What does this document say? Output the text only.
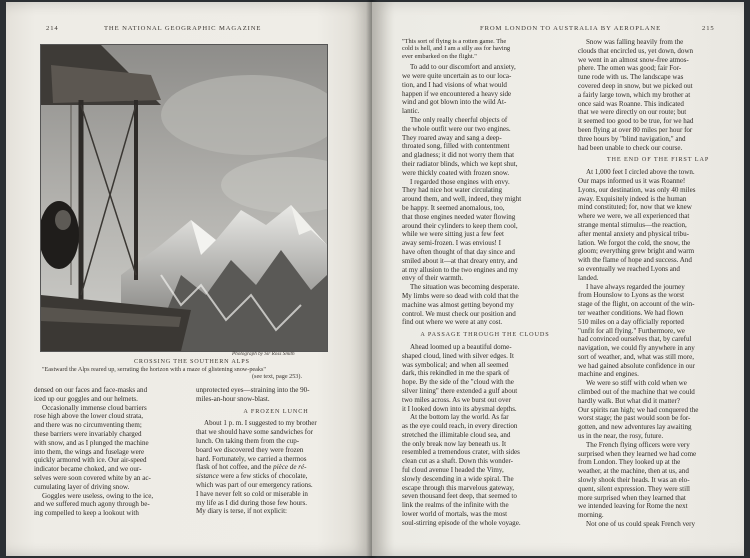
214	THE NATIONAL GEOGRAPHIC MAGAZINE
Photograph by Sir Ross Smith
CROSSING THE SOUTHERN ALPS
"Eastward the Alps reared up, serrating the horizon with a maze of glistening snow-peaks"
(see text, page 253).
densed on our faces and face-masks and
iced up our goggles and our helmets.
Occasionally immense cloud barriers
rose high above the lower cloud strata,
and there was no circumventing them;
these barriers were invariably charged
with snow, and as I plunged the machine
into them, the wings and fuselage were
quickly armored with ice. Our air-speed
indicator became choked, and we our-
selves were soon covered white by an ac-
cumulating layer of driving snow.
Goggles were useless, owing to the ice,
and we suffered much agony through be-
ing compelled to keep a lookout with
unprotected eyes—straining into the 90-
miles-an-hour snow-blast.
A FROZEN LUNCH
About 1 p. m. I suggested to my brother
that we should have some sandwiches for
lunch. On taking them from the cup-
board we discovered they were frozen
hard. Fortunately, we carried a thermos
flask of hot coffee, and the pièce de ré-
sistance were a few sticks of chocolate,
which was part of our emergency rations.
I have never felt so cold or miserable in
my life as I did during those few hours.
My diary is terse, if not explicit:
FROM LONDON TO AUSTRALIA BY AEROPLANE	215
"This sort of flying is a rotten game. The
cold is hell, and I am a silly ass for having
ever embarked on the flight."
To add to our discomfort and anxiety,
we were quite uncertain as to our loca-
tion, and I had visions of what would
happen if we encountered a heavy side
wind and got blown into the wild At-
lantic.
The only really cheerful objects of
the whole outfit were our two engines.
They roared away and sang a deep-
throated song, filled with contentment
and gladness; it did not worry them that
their radiator blinds, which we kept shut,
were thickly coated with frozen snow.
I regarded those engines with envy.
They had nice hot water circulating
around them, and well, indeed, they might
be happy. It seemed anomalous, too,
that those engines needed water flowing
around their cylinders to keep them cool,
while we were sitting just a few feet
away semi-frozen. I was envious! I
have often thought of that day since and
smiled about it—at that dreary entry, and
at my allusion to the two engines and my
envy of their warmth.
The situation was becoming desperate.
My limbs were so dead with cold that the
machine was almost getting beyond my
control. We must check our position and
find out where we were at any cost.
A PASSAGE THROUGH THE CLOUDS
Ahead loomed up a beautiful dome-
shaped cloud, lined with silver edges. It
was symbolical; and when all seemed
dark, this rekindled in me the spark of
hope. By the side of the "cloud with the
silver lining" there extended a gulf about
two miles across. As we burst out over
it I looked down into its abysmal depths.
At the bottom lay the world. As far
as the eye could reach, in every direction
stretched the illimitable cloud sea, and
the only break now lay beneath us. It
resembled a tremendous crater, with sides
clean cut as a shaft. Down this wonder-
ful cloud avenue I headed the Vimy,
slowly descending in a wide spiral. The
escape through this marvelous gateway,
seven thousand feet deep, that seemed to
link the realms of the infinite with the
lower world of mortals, was the most
soul-stirring episode of the whole voyage.
Snow was falling heavily from the
clouds that encircled us, yet down, down
we went in an almost snow-free atmos-
phere. The omen was good; fair For-
tune rode with us. The landscape was
covered deep in snow, but we picked out
a fairly large town, which my brother at
once said was Roanne. This indicated
that we were directly on our route; but
it seemed too good to be true, for we had
been flying at over 80 miles per hour for
three hours by "blind navigation," and
had been unable to check our course.
THE END OF THE FIRST LAP
At 1,000 feet I circled above the town.
Our maps informed us it was Roanne!
Lyons, our destination, was only 40 miles
away. Exquisitely indeed is the human
mind constituted; for, now that we knew
where we were, we all experienced that
strange mental stimulus—the reaction,
after mental anxiety and physical tribu-
lation. We forgot the cold, the snow, the
gloom; everything grew bright and warm
with the flame of hope and success. And
so eventually we reached Lyons and
landed.
I have always regarded the journey
from Hounslow to Lyons as the worst
stage of the flight, on account of the win-
ter weather conditions. We had flown
510 miles on a day officially reported
"unfit for all flying." Furthermore, we
had convinced ourselves that, by careful
navigation, we could fly anywhere in any
sort of weather, and, what was still more,
we had gained absolute confidence in our
machine and engines.
We were so stiff with cold when we
climbed out of the machine that we could
hardly walk. But what did it matter?
Our spirits ran high; we had conquered the
worst stage; the past would soon be for-
gotten, and new adventures lay awaiting
us in the near, the rosy, future.
The French flying officers were very
surprised when they learned we had come
from London. They looked up at the
weather, at the machine, then at us, and
slowly shook their heads. It was an elo-
quent, silent expression. They were still
more surprised when they learned that
we intended leaving for Rome the next
morning.
Not one of us could speak French very
